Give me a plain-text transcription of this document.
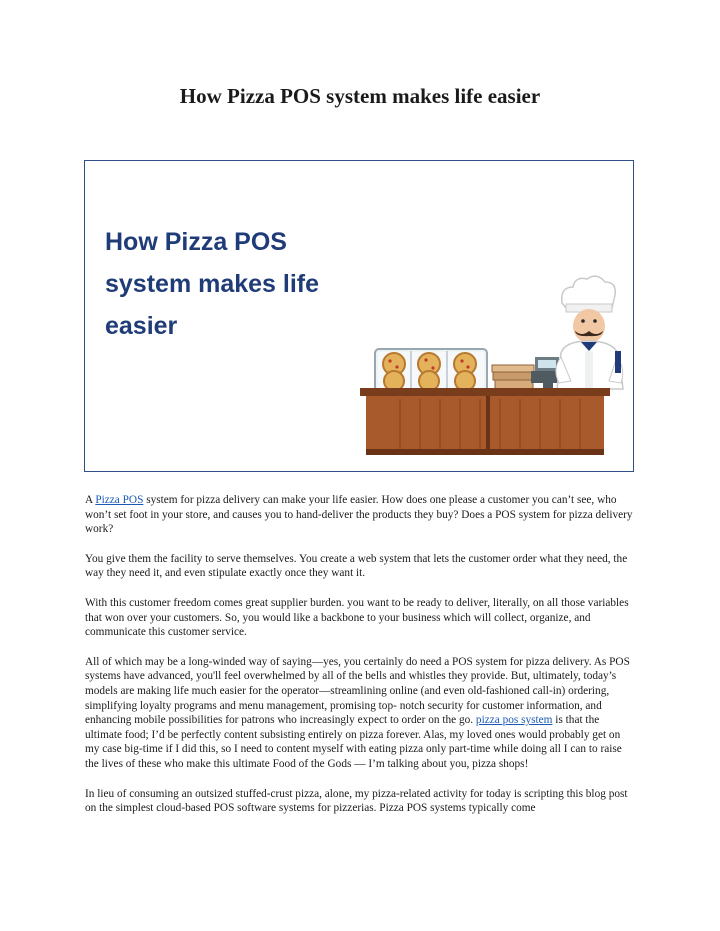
How Pizza POS system makes life easier
How Pizza POS
system makes life
easier

A Pizza POS system for pizza delivery can make your life easier. How does one please a customer you can’t see, who won’t set foot in your store, and causes you to hand-deliver the products they buy? Does a POS system for pizza delivery work?

You give them the facility to serve themselves. You create a web system that lets the customer order what they need, the way they need it, and even stipulate exactly once they want it.

With this customer freedom comes great supplier burden. you want to be ready to deliver, literally, on all those variables that won over your customers. So, you would like a backbone to your business which will collect, organize, and communicate this customer service.

All of which may be a long-winded way of saying—yes, you certainly do need a POS system for pizza delivery. As POS systems have advanced, you'll feel overwhelmed by all of the bells and whistles they provide. But, ultimately, today’s models are making life much easier for the operator—streamlining online (and even old-fashioned call-in) ordering, simplifying loyalty programs and menu management, promising top- notch security for customer information, and enhancing mobile possibilities for patrons who increasingly expect to order on the go. pizza pos system is that the ultimate food; I’d be perfectly content subsisting entirely on pizza forever. Alas, my loved ones would probably get on my case big-time if I did this, so I need to content myself with eating pizza only part-time while doing all I can to raise the lives of these who make this ultimate Food of the Gods — I’m talking about you, pizza shops!

In lieu of consuming an outsized stuffed-crust pizza, alone, my pizza-related activity for today is scripting this blog post on the simplest cloud-based POS software systems for pizzerias. Pizza POS systems typically come
